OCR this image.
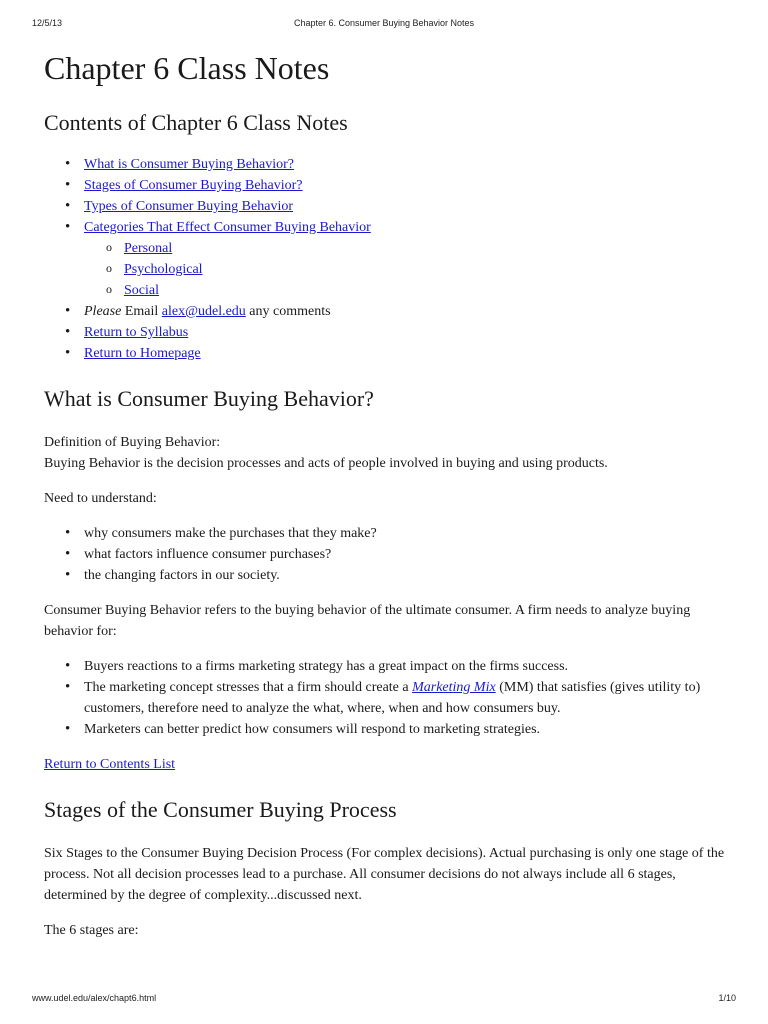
12/5/13	Chapter 6. Consumer Buying Behavior Notes
Chapter 6 Class Notes
Contents of Chapter 6 Class Notes
• What is Consumer Buying Behavior?
• Stages of Consumer Buying Behavior?
• Types of Consumer Buying Behavior
• Categories That Effect Consumer Buying Behavior
o Personal
o Psychological
o Social
• Please Email alex@udel.edu any comments
• Return to Syllabus
• Return to Homepage
What is Consumer Buying Behavior?

Definition of Buying Behavior:

Buying Behavior is the decision processes and acts of people involved in buying and using products.

Need to understand:

• why consumers make the purchases that they make?
• what factors influence consumer purchases?
• the changing factors in our society.

Consumer Buying Behavior refers to the buying behavior of the ultimate consumer. A firm needs to analyze buying behavior for:

• Buyers reactions to a firms marketing strategy has a great impact on the firms success.
• The marketing concept stresses that a firm should create a Marketing Mix (MM) that satisfies (gives utility to) customers, therefore need to analyze the what, where, when and how consumers buy.
• Marketers can better predict how consumers will respond to marketing strategies.

Return to Contents List

Stages of the Consumer Buying Process

Six Stages to the Consumer Buying Decision Process (For complex decisions). Actual purchasing is only one stage of the process. Not all decision processes lead to a purchase. All consumer decisions do not always include all 6 stages, determined by the degree of complexity...discussed next.

The 6 stages are:

www.udel.edu/alex/chapt6.html	1/10
